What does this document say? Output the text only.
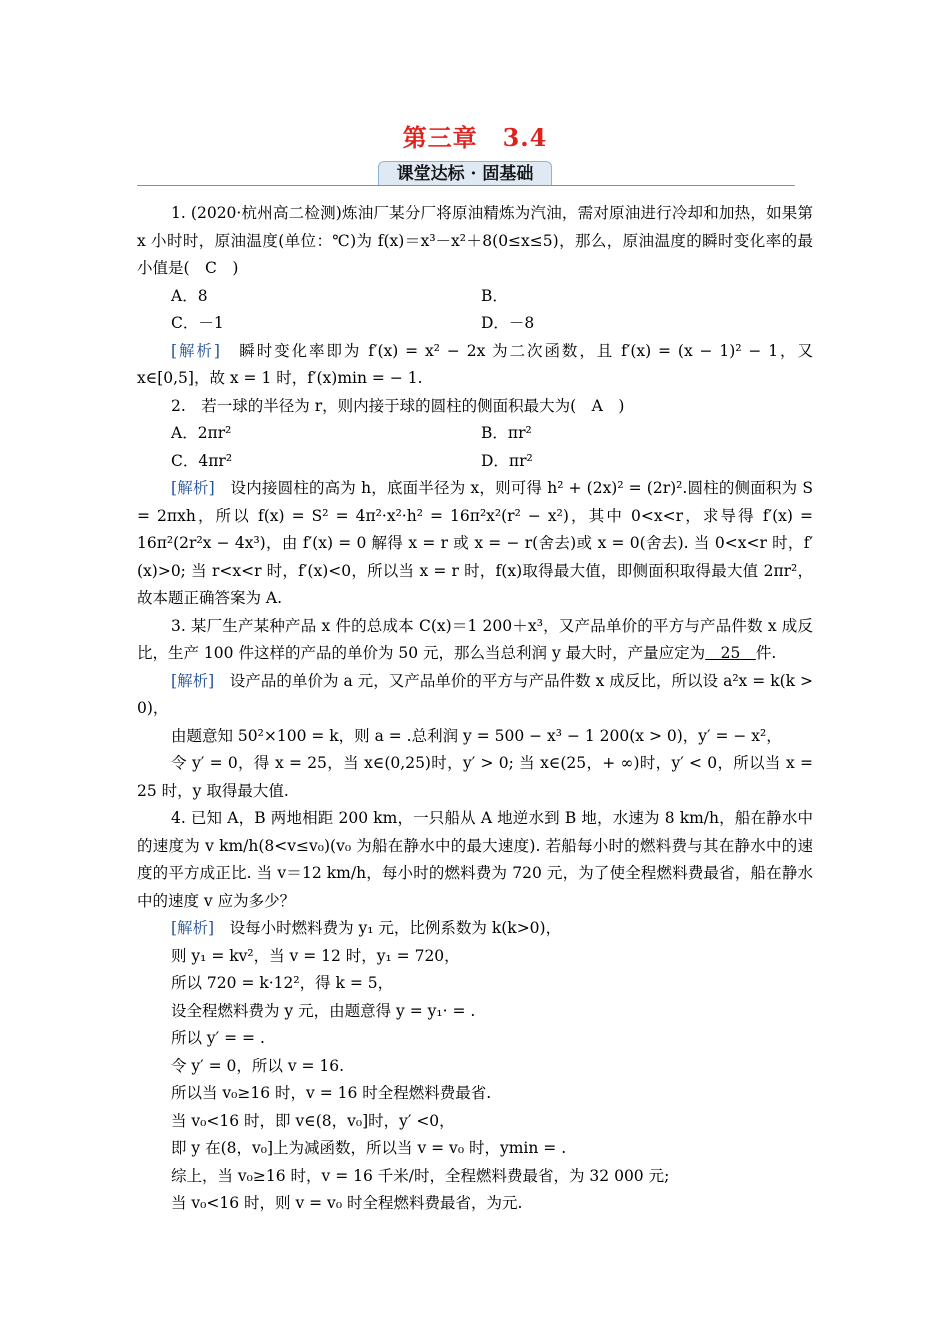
第三章　3.4
课堂达标 · 固基础

1. (2020·杭州高二检测)炼油厂某分厂将原油精炼为汽油，需对原油进行冷却和加热，如果第 x 小时时，原油温度(单位：℃)为 f(x)＝x³－x²＋8(0≤x≤5)，那么，原油温度的瞬时变化率的最小值是(　C　)

A．8	B．
C．－1	D．－8

[解析]　瞬时变化率即为 f′(x) = x² − 2x 为二次函数，且 f′(x) = (x − 1)² − 1，又 x∈[0,5]，故 x = 1 时，f′(x)min = − 1.

2.　若一球的半径为 r，则内接于球的圆柱的侧面积最大为(　A　)

A．2πr²	B．πr²
C．4πr²	D．πr²

[解析]　设内接圆柱的高为 h，底面半径为 x，则可得 h² + (2x)² = (2r)².圆柱的侧面积为 S = 2πxh，所以 f(x) = S² = 4π²·x²·h² = 16π²x²(r² − x²)，其中 0<x<r，求导得 f′(x) = 16π²(2r²x − 4x³)，由 f′(x) = 0 解得 x = r 或 x = − r(舍去)或 x = 0(舍去). 当 0<x<r 时，f′(x)>0; 当 r<x<r 时，f′(x)<0，所以当 x = r 时，f(x)取得最大值，即侧面积取得最大值 2πr²，故本题正确答案为 A.

3. 某厂生产某种产品 x 件的总成本 C(x)＝1 200＋x³，又产品单价的平方与产品件数 x 成反比，生产 100 件这样的产品的单价为 50 元，那么当总利润 y 最大时，产量应定为　25　件.

[解析]　设产品的单价为 a 元，又产品单价的平方与产品件数 x 成反比，所以设 a²x = k(k > 0)，

由题意知 50²×100 = k，则 a = .总利润 y = 500 − x³ − 1 200(x > 0)，y′ = − x²，

令 y′ = 0，得 x = 25，当 x∈(0,25)时，y′ > 0; 当 x∈(25，+ ∞)时，y′ < 0，所以当 x = 25 时，y 取得最大值.

4. 已知 A，B 两地相距 200 km，一只船从 A 地逆水到 B 地，水速为 8 km/h，船在静水中的速度为 v km/h(8<v≤v₀)(v₀ 为船在静水中的最大速度). 若船每小时的燃料费与其在静水中的速度的平方成正比. 当 v＝12 km/h，每小时的燃料费为 720 元，为了使全程燃料费最省，船在静水中的速度 v 应为多少？

[解析]　设每小时燃料费为 y₁ 元，比例系数为 k(k>0)，

则 y₁ = kv²，当 v = 12 时，y₁ = 720，

所以 720 = k·12²，得 k = 5，

设全程燃料费为 y 元，由题意得 y = y₁· = .

所以 y′ = = .

令 y′ = 0，所以 v = 16.

所以当 v₀≥16 时，v = 16 时全程燃料费最省.

当 v₀<16 时，即 v∈(8，v₀]时，y′ <0，

即 y 在(8，v₀]上为减函数，所以当 v = v₀ 时，ymin = .

综上，当 v₀≥16 时，v = 16 千米/时，全程燃料费最省，为 32 000 元;

当 v₀<16 时，则 v = v₀ 时全程燃料费最省，为元.
